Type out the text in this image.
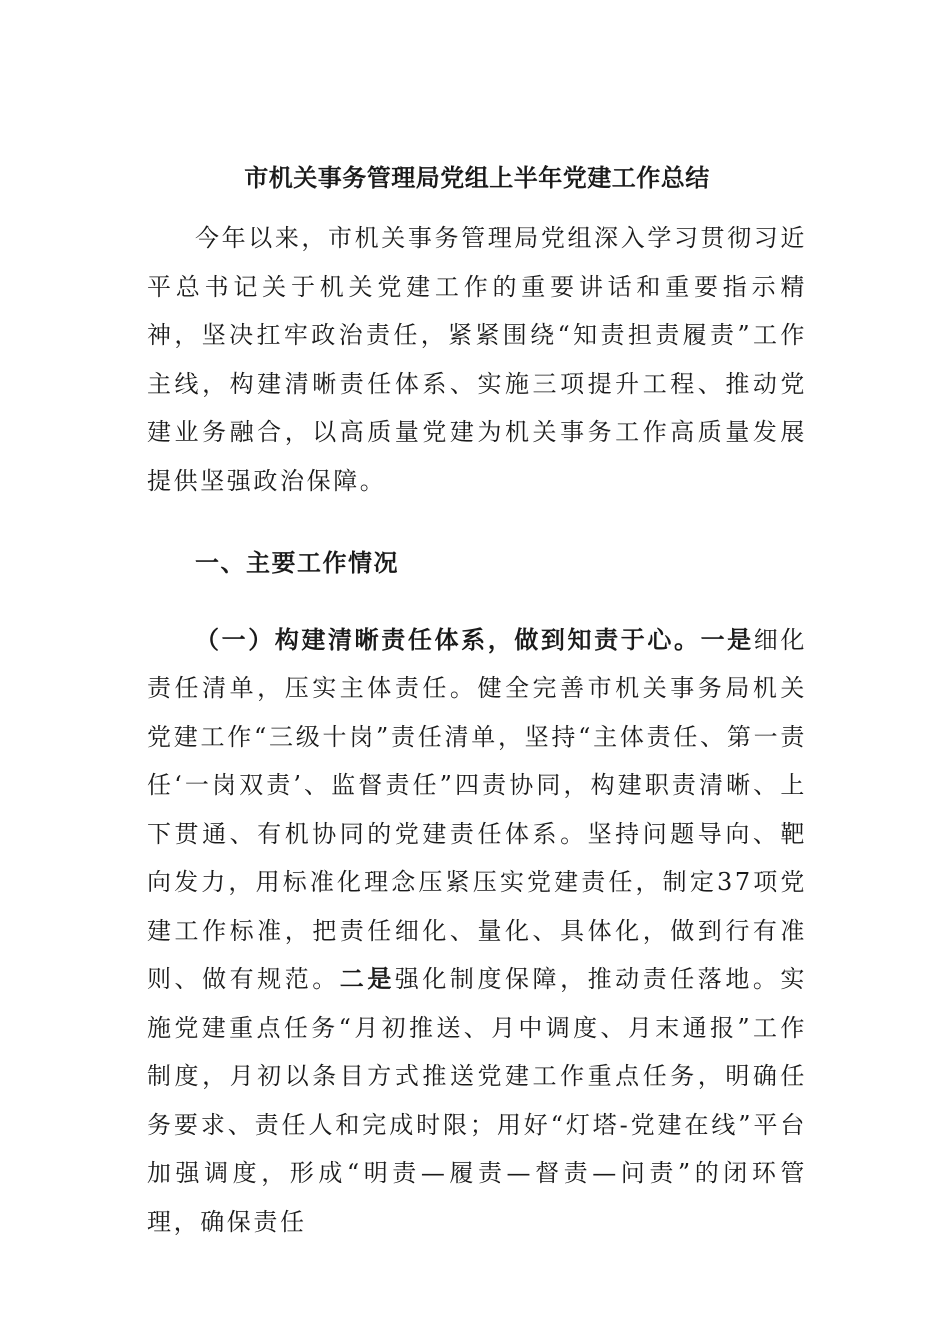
市机关事务管理局党组上半年党建工作总结

今年以来，市机关事务管理局党组深入学习贯彻习近平总书记关于机关党建工作的重要讲话和重要指示精神，坚决扛牢政治责任，紧紧围绕“知责担责履责”工作主线，构建清晰责任体系、实施三项提升工程、推动党建业务融合，以高质量党建为机关事务工作高质量发展提供坚强政治保障。

一、主要工作情况

（一）构建清晰责任体系，做到知责于心。一是细化责任清单，压实主体责任。健全完善市机关事务局机关党建工作“三级十岗”责任清单，坚持“主体责任、第一责任‘一岗双责’、监督责任”四责协同，构建职责清晰、上下贯通、有机协同的党建责任体系。坚持问题导向、靶向发力，用标准化理念压紧压实党建责任，制定37项党建工作标准，把责任细化、量化、具体化，做到行有准则、做有规范。二是强化制度保障，推动责任落地。实施党建重点任务“月初推送、月中调度、月末通报”工作制度，月初以条目方式推送党建工作重点任务，明确任务要求、责任人和完成时限；用好“灯塔-党建在线”平台加强调度，形成“明责—履责—督责—问责”的闭环管理，确保责任
